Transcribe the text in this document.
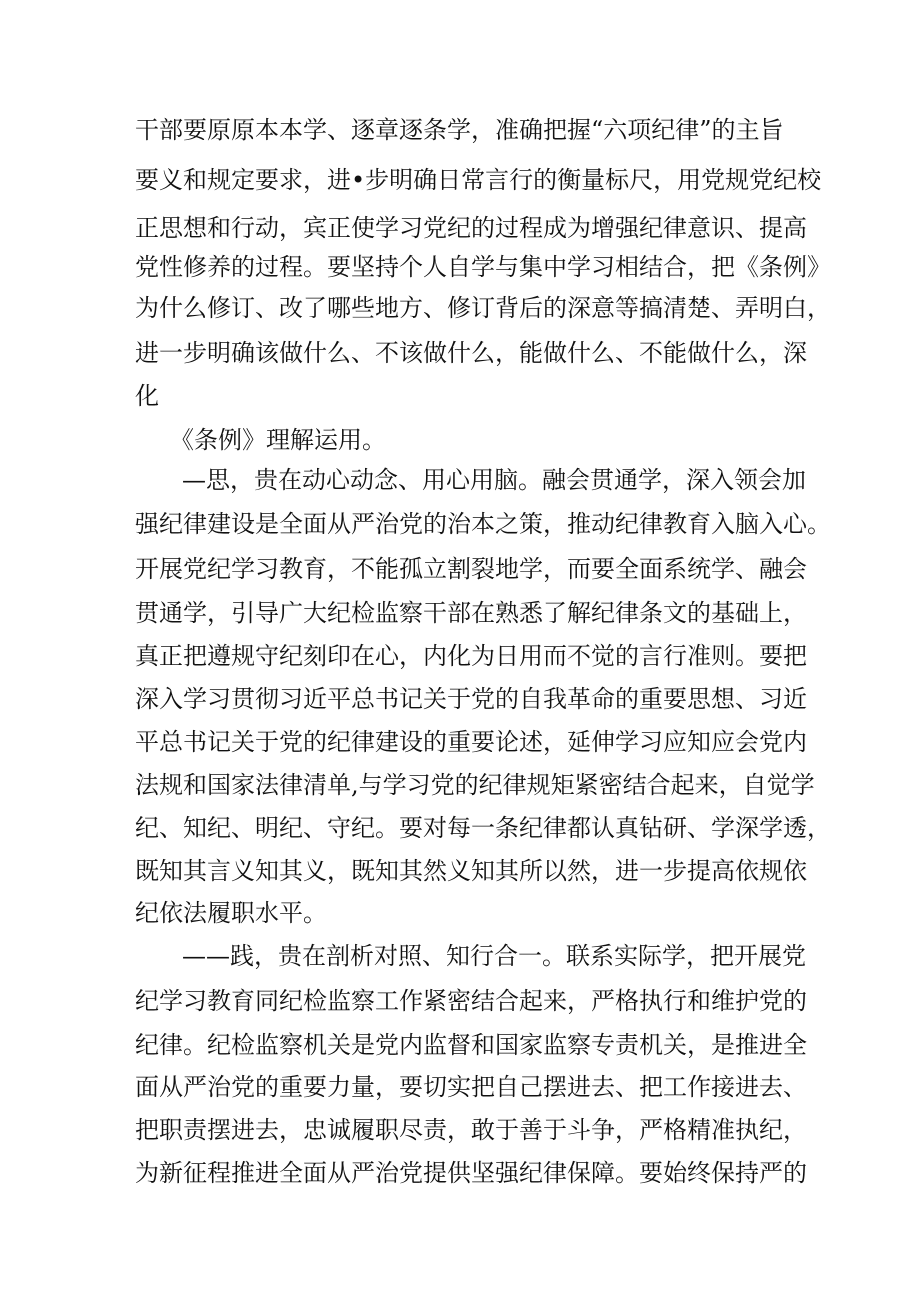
干部要原原本本学、逐章逐条学，准确把握“六项纪律”的主旨
要义和规定要求，进•步明确日常言行的衡量标尺，用党规党纪校
正思想和行动，宾正使学习党纪的过程成为增强纪律意识、提高
党性修养的过程。要坚持个人自学与集中学习相结合，把《条例》
为什么修订、改了哪些地方、修订背后的深意等搞清楚、弄明白，
进一步明确该做什么、不该做什么，能做什么、不能做什么，深
化
《条例》理解运用。
—思，贵在动心动念、用心用脑。融会贯通学，深入领会加
强纪律建设是全面从严治党的治本之策，推动纪律教育入脑入心。
开展党纪学习教育，不能孤立割裂地学，而要全面系统学、融会
贯通学，引导广大纪检监察干部在熟悉了解纪律条文的基础上，
真正把遵规守纪刻印在心，内化为日用而不觉的言行准则。要把
深入学习贯彻习近平总书记关于党的自我革命的重要思想、习近
平总书记关于党的纪律建设的重要论述，延伸学习应知应会党内
法规和国家法律清单,与学习党的纪律规矩紧密结合起来，自觉学
纪、知纪、明纪、守纪。要对每一条纪律都认真钻研、学深学透，
既知其言义知其义，既知其然义知其所以然，进一步提高依规依
纪依法履职水平。
——践，贵在剖析对照、知行合一。联系实际学，把开展党
纪学习教育同纪检监察工作紧密结合起来，严格执行和维护党的
纪律。纪检监察机关是党内监督和国家监察专责机关，是推进全
面从严治党的重要力量，要切实把自己摆进去、把工作接进去、
把职责摆进去，忠诚履职尽责，敢于善于斗争，严格精准执纪，
为新征程推进全面从严治党提供坚强纪律保障。要始终保持严的
